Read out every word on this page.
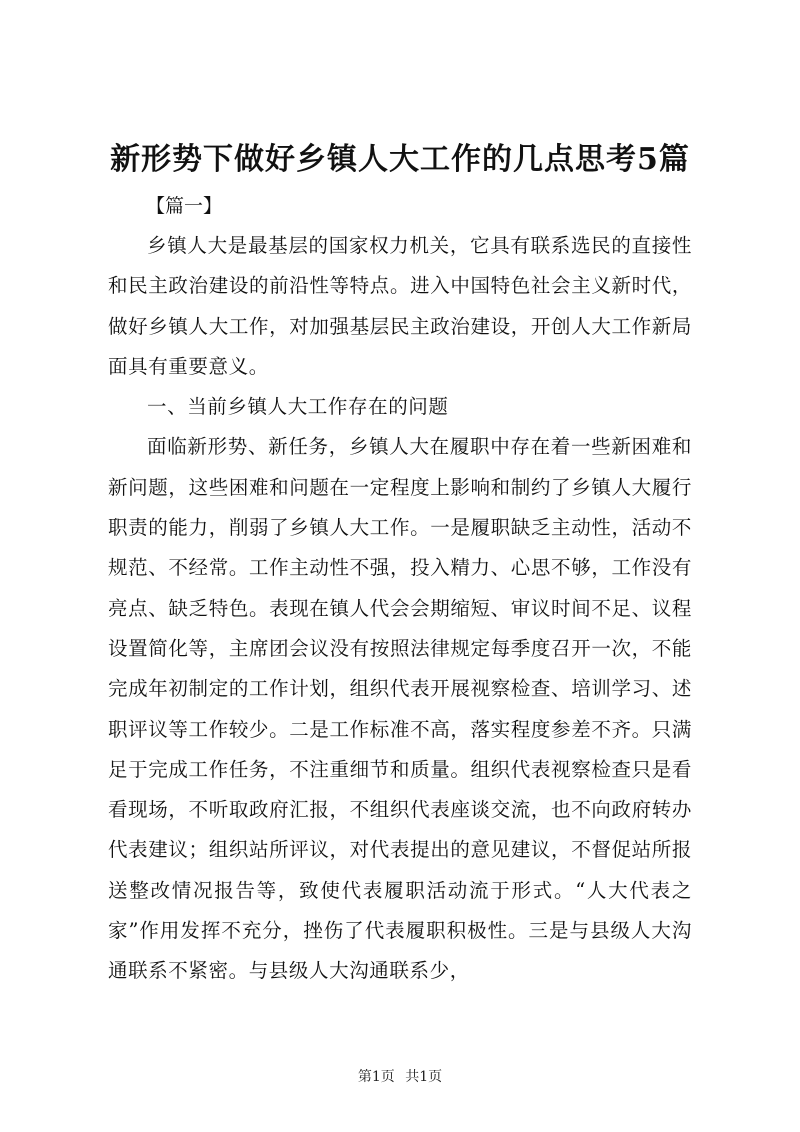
新形势下做好乡镇人大工作的几点思考5篇

【篇一】

乡镇人大是最基层的国家权力机关，它具有联系选民的直接性和民主政治建设的前沿性等特点。进入中国特色社会主义新时代，做好乡镇人大工作，对加强基层民主政治建设，开创人大工作新局面具有重要意义。

一、当前乡镇人大工作存在的问题

面临新形势、新任务，乡镇人大在履职中存在着一些新困难和新问题，这些困难和问题在一定程度上影响和制约了乡镇人大履行职责的能力，削弱了乡镇人大工作。一是履职缺乏主动性，活动不规范、不经常。工作主动性不强，投入精力、心思不够，工作没有亮点、缺乏特色。表现在镇人代会会期缩短、审议时间不足、议程设置简化等，主席团会议没有按照法律规定每季度召开一次，不能完成年初制定的工作计划，组织代表开展视察检查、培训学习、述职评议等工作较少。二是工作标准不高，落实程度参差不齐。只满足于完成工作任务，不注重细节和质量。组织代表视察检查只是看看现场，不听取政府汇报，不组织代表座谈交流，也不向政府转办代表建议；组织站所评议，对代表提出的意见建议，不督促站所报送整改情况报告等，致使代表履职活动流于形式。“人大代表之家”作用发挥不充分，挫伤了代表履职积极性。三是与县级人大沟通联系不紧密。与县级人大沟通联系少，

第1页 共1页
